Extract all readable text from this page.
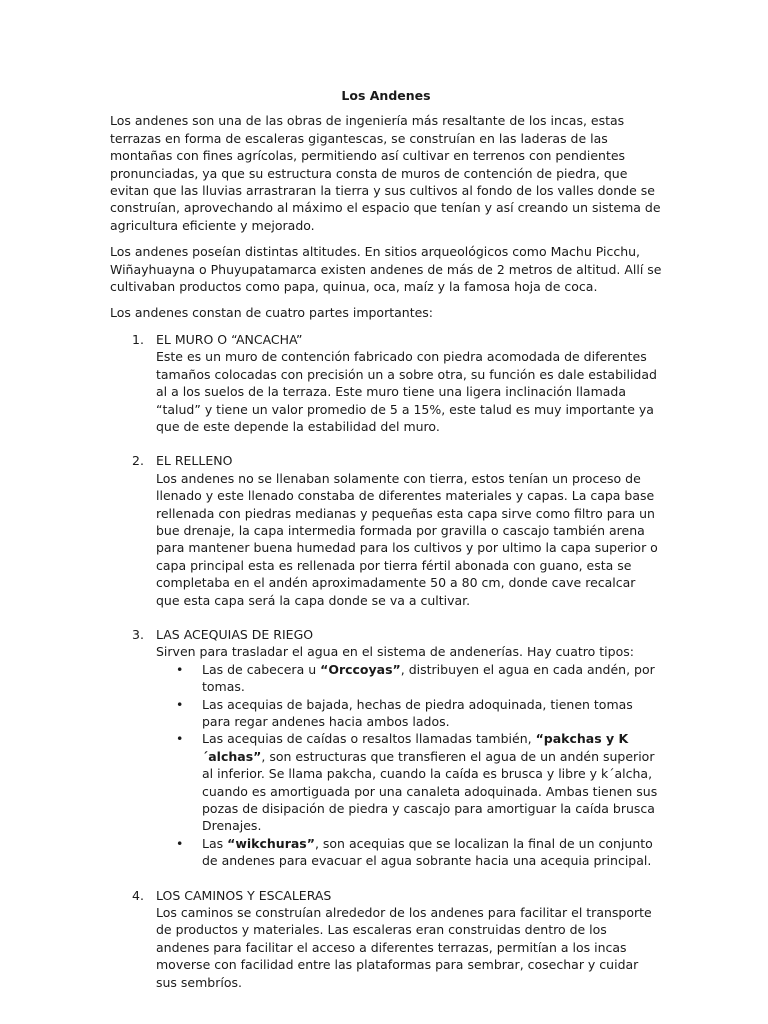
Los Andenes

Los andenes son una de las obras de ingeniería más resaltante de los incas, estas terrazas en forma de escaleras gigantescas, se construían en las laderas de las montañas con fines agrícolas, permitiendo así cultivar en terrenos con pendientes pronunciadas, ya que su estructura consta de muros de contención de piedra, que evitan que las lluvias arrastraran la tierra y sus cultivos al fondo de los valles donde se construían, aprovechando al máximo el espacio que tenían y así creando un sistema de agricultura eficiente y mejorado.

Los andenes poseían distintas altitudes. En sitios arqueológicos como Machu Picchu, Wiñayhuayna o Phuyupatamarca existen andenes de más de 2 metros de altitud. Allí se cultivaban productos como papa, quinua, oca, maíz y la famosa hoja de coca.

Los andenes constan de cuatro partes importantes:

1. EL MURO O “ANCACHA”
Este es un muro de contención fabricado con piedra acomodada de diferentes tamaños colocadas con precisión un a sobre otra, su función es dale estabilidad al a los suelos de la terraza. Este muro tiene una ligera inclinación llamada “talud” y tiene un valor promedio de 5 a 15%, este talud es muy importante ya que de este depende la estabilidad del muro.
2. EL RELLENO
Los andenes no se llenaban solamente con tierra, estos tenían un proceso de llenado y este llenado constaba de diferentes materiales y capas. La capa base rellenada con piedras medianas y pequeñas esta capa sirve como filtro para un bue drenaje, la capa intermedia formada por gravilla o cascajo también arena para mantener buena humedad para los cultivos y por ultimo la capa superior o capa principal esta es rellenada por tierra fértil abonada con guano, esta se completaba en el andén aproximadamente 50 a 80 cm, donde cave recalcar que esta capa será la capa donde se va a cultivar.
3. LAS ACEQUIAS DE RIEGO
Sirven para trasladar el agua en el sistema de andenerías. Hay cuatro tipos:
• Las de cabecera u “Orccoyas”, distribuyen el agua en cada andén, por tomas.
• Las acequias de bajada, hechas de piedra adoquinada, tienen tomas para regar andenes hacia ambos lados.
• Las acequias de caídas o resaltos llamadas también, “pakchas y K´alchas”, son estructuras que transfieren el agua de un andén superior al inferior. Se llama pakcha, cuando la caída es brusca y libre y k´alcha, cuando es amortiguada por una canaleta adoquinada. Ambas tienen sus pozas de disipación de piedra y cascajo para amortiguar la caída brusca Drenajes.
• Las “wikchuras”, son acequias que se localizan la final de un conjunto de andenes para evacuar el agua sobrante hacia una acequia principal.
4. LOS CAMINOS Y ESCALERAS
Los caminos se construían alrededor de los andenes para facilitar el transporte de productos y materiales. Las escaleras eran construidas dentro de los andenes para facilitar el acceso a diferentes terrazas, permitían a los incas moverse con facilidad entre las plataformas para sembrar, cosechar y cuidar sus sembríos.
